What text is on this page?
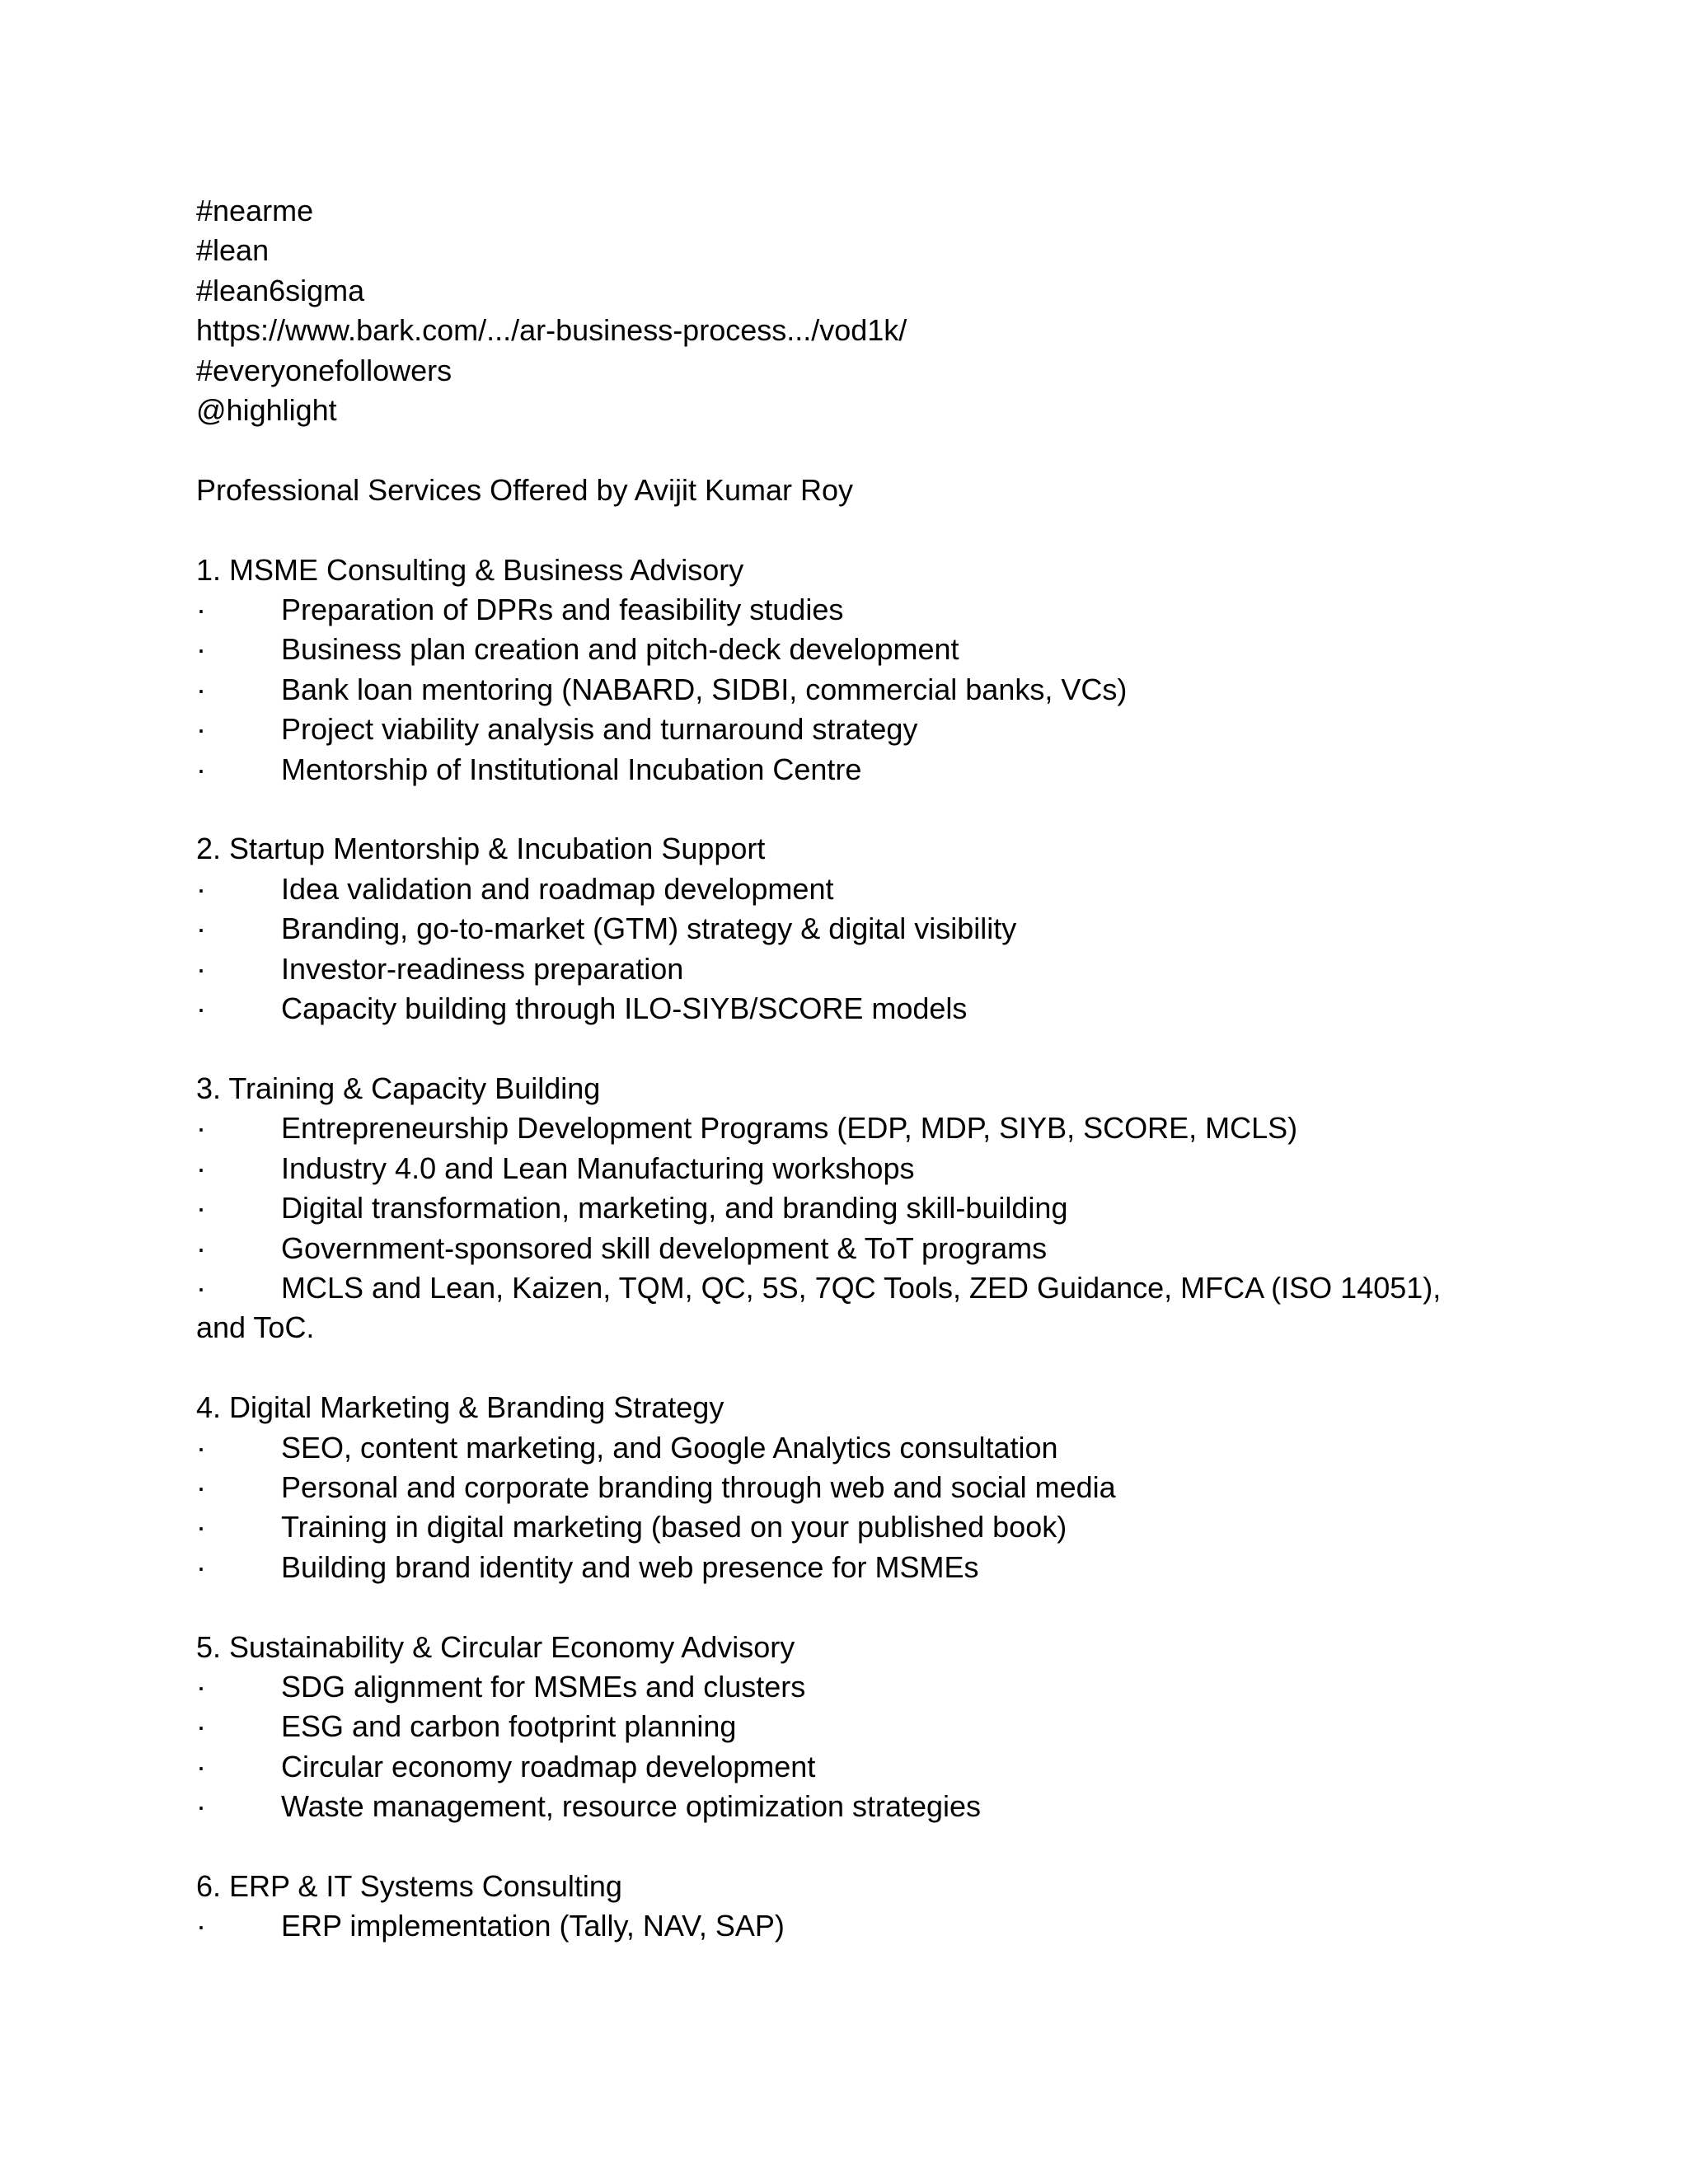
#nearme
#lean
#lean6sigma
https://www.bark.com/.../ar-business-process.../vod1k/
#everyonefollowers
@highlight
Professional Services Offered by Avijit Kumar Roy
1. MSME Consulting & Business Advisory
·	Preparation of DPRs and feasibility studies
·	Business plan creation and pitch-deck development
·	Bank loan mentoring (NABARD, SIDBI, commercial banks, VCs)
·	Project viability analysis and turnaround strategy
·	Mentorship of Institutional Incubation Centre
2. Startup Mentorship & Incubation Support
·	Idea validation and roadmap development
·	Branding, go-to-market (GTM) strategy & digital visibility
·	Investor-readiness preparation
·	Capacity building through ILO-SIYB/SCORE models
3. Training & Capacity Building
·	Entrepreneurship Development Programs (EDP, MDP, SIYB, SCORE, MCLS)
·	Industry 4.0 and Lean Manufacturing workshops
·	Digital transformation, marketing, and branding skill-building
·	Government-sponsored skill development & ToT programs
·	MCLS and Lean, Kaizen, TQM, QC, 5S, 7QC Tools, ZED Guidance, MFCA (ISO 14051),
and ToC.
4. Digital Marketing & Branding Strategy
·	SEO, content marketing, and Google Analytics consultation
·	Personal and corporate branding through web and social media
·	Training in digital marketing (based on your published book)
·	Building brand identity and web presence for MSMEs
5. Sustainability & Circular Economy Advisory
·	SDG alignment for MSMEs and clusters
·	ESG and carbon footprint planning
·	Circular economy roadmap development
·	Waste management, resource optimization strategies
6. ERP & IT Systems Consulting
·	ERP implementation (Tally, NAV, SAP)
